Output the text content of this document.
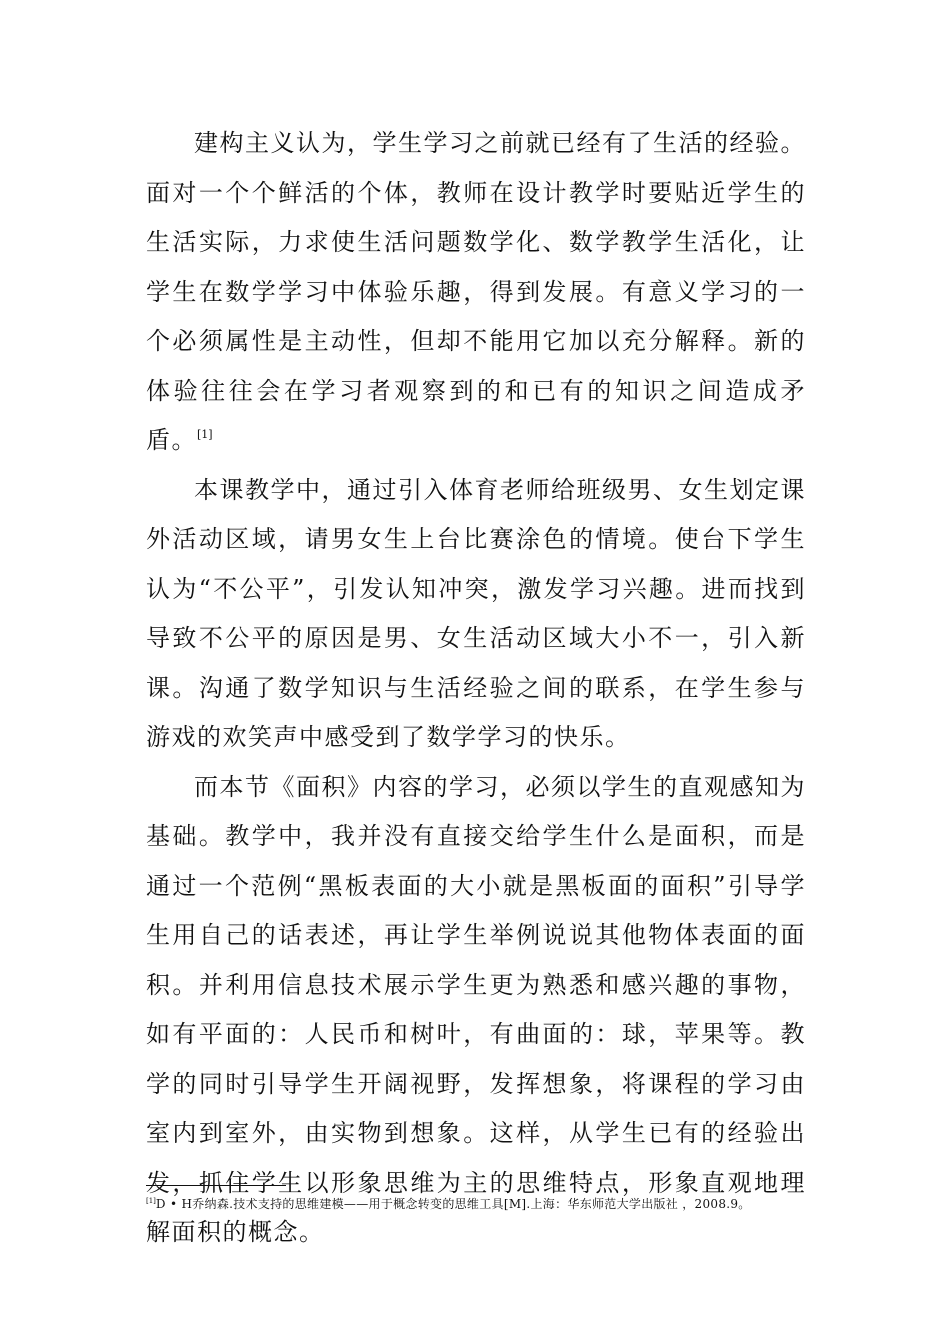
建构主义认为，学生学习之前就已经有了生活的经验。面对一个个鲜活的个体，教师在设计教学时要贴近学生的生活实际，力求使生活问题数学化、数学教学生活化，让学生在数学学习中体验乐趣，得到发展。有意义学习的一个必须属性是主动性，但却不能用它加以充分解释。新的体验往往会在学习者观察到的和已有的知识之间造成矛盾。[1]

本课教学中，通过引入体育老师给班级男、女生划定课外活动区域，请男女生上台比赛涂色的情境。使台下学生认为“不公平”，引发认知冲突，激发学习兴趣。进而找到导致不公平的原因是男、女生活动区域大小不一，引入新课。沟通了数学知识与生活经验之间的联系，在学生参与游戏的欢笑声中感受到了数学学习的快乐。

而本节《面积》内容的学习，必须以学生的直观感知为基础。教学中，我并没有直接交给学生什么是面积，而是通过一个范例“黑板表面的大小就是黑板面的面积”引导学生用自己的话表述，再让学生举例说说其他物体表面的面积。并利用信息技术展示学生更为熟悉和感兴趣的事物，如有平面的：人民币和树叶，有曲面的：球，苹果等。教学的同时引导学生开阔视野，发挥想象，将课程的学习由室内到室外，由实物到想象。这样，从学生已有的经验出发，抓住学生以形象思维为主的思维特点，形象直观地理解面积的概念。

[1]D • H乔纳森.技术支持的思维建模——用于概念转变的思维工具[M].上海：华东师范大学出版社 ，2008.9。
